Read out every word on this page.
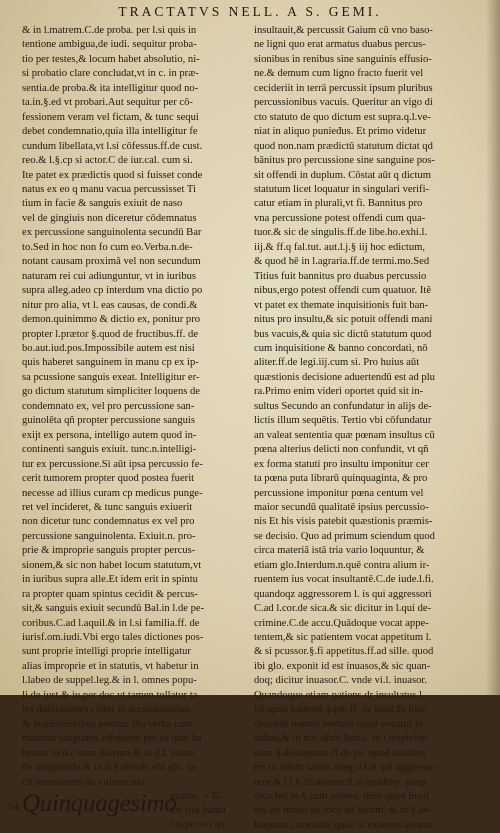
TRACTATVS NELL. A S. GEMI.
& in l.matrem.C.de proba. per l.si quis in
tentione ambigua,de iudi. sequitur proba-
tio per testes,& locum habet absolutio, ni-
si probatio clare concludat,vt in c. in præ-
sentia.de proba.& ita intelligitur quod no-
ta.in.§.ed vt probari.Aut sequitur per cō-
fessionem veram vel fictam, & tunc sequi
debet condemnatio,quia illa intelligitur fe
cundum libellata,vt l.si cōfessus.ff.de cust.
reo.& l.§.cp si actor.C de iur.cal. cum si.
Ite patet ex prædictis quod si fuisset conde
natus ex eo q manu vacua percussisset Ti
tium in facie & sanguis exiuit de naso
vel de gingiuis non diceretur cōdemnatus
ex percussione sanguinolenta secundū Bar
to.Sed in hoc non fo cum eo.Verba.n.de-
notant causam proximā vel non secundum
naturam rei cui adiunguntur, vt in iuribus
supra alleg.adeo cp interdum vna dictio po
nitur pro alia, vt l. eas causas, de condi.&
demon.quinimmo & dictio ex, ponitur pro
propter l.prætor §.quod de fructibus.ff. de
bo.aut.iud.pos.Impossibile autem est nisi
quis haberet sanguinem in manu cp ex ip-
sa pcussione sanguis exeat. Intelligitur er-
go dictum statutum simpliciter loquens de
condemnato ex, vel pro percussione san-
guinolēta qñ propter percussione sanguis
exijt ex persona, intelligo autem quod in-
continenti sanguis exiuit. tunc.n.intelligi-
tur ex percussione.Si aūt ipsa percussio fe-
cerit tumorem propter quod postea fuerit
necesse ad illius curam cp medicus punge-
ret vel incideret, & tunc sanguis exiuerit
non dicetur tunc condemnatus ex vel pro
percussione sanguinolenta. Exiuit.n. pro-
prie & improprie sanguis propter percus-
sionem,& sic non habet locum statutum,vt
in iuribus supra alle.Et idem erit in spintu
ra propter quam spintus cecidit & percus-
sit,& sanguis exiuit secundū Bal.in l.de pe-
coribus.C.ad l.aquil.& in l.si familia.ff. de
iurisf.om.iudi.Vbi ergo tales dictiones pos-
sunt proprie intelligi proprie intelligatur
alias improprie et in statutis, vt habetur in
l.labeo de suppel.leg.& in l. omnes popu-
li.de iust.& iu.per doc.vt tamen tollatur ta
les dubitationes cōiter in accusationibus
& inquisitionibus ponitur illa verba cum
maxima sanguinis effusione per ea quæ ha
bentur in d.c.cum illorum.& in d.l. vulne
ris magnitudo.& in d.§.deinde.vbi glo. fa-
cit mentionem de vulnusculo.
54 Quinquagesimo
quarto. + Ti-
tus fuit banni
tus pro eo qd
insultauit,& percussit Gaium cū vno baso-
ne ligni quo erat armatus duabus percus-
sionibus in renibus sine sanguinis effusio-
ne.& demum cum ligno fracto fuerit vel
cecideriit in terrā percussit ipsum pluribus
percussionibus vacuis. Queritur an vigo di
cto statuto de quo dictum est supra.q.l.ve-
niat in aliquo punieđus. Et primo videtur
quod non.nam prædictū statutum dictat qd
bānitus pro percussione sine sanguine pos-
sit offendi in duplum. Cōstat aūt q dictum
statutum licet loquatur in singulari verifi-
catur etiam in plurali,vt fi. Bannitus pro
vna percussione potest offendi cum qua-
tuor.& sic de singulis.ff.de libe.ho.exhi.l.
iij.& ff.q fal.tut. aut.l.j.§ iij hoc edictum,
& quod hē in l.agraria.ff.de termi.mo.Sed
Titius fuit bannitus pro duabus percussio
nibus,ergo potest offendi cum quatuor. Itē
vt patet ex themate inquisitionis fuit ban-
nitus pro insultu,& sic potuit offendi mani
bus vacuis,& quia sic dictū statutum quod
cum inquisitione & banno concordati, nō
aliter.ff.de legi.iij.cum si. Pro huius aūt
quæstionis decisione aduertendū est ad plu
ra.Primo enim videri oportet quid sit in-
sultus Secundo an confundatur in alijs de-
lictis illum sequētis. Tertio vbi cōfundatur
an valeat sententia quæ pœnam insultus cū
pœna alterius delicti non confundit, vt qñ
ex forma statuti pro insultu imponitur cer
ta pœna puta librarū quinquaginta, & pro
percussione imponitur pœna centum vel
maior secundū qualitatē ipsius percussio-
nis Et his visis patebit quæstionis præmis-
se decisio. Quo ad primum sciendum quod
circa materiā istā tria vario loquuntur, &
etiam glo.Interdum.n.quē contra alium ir-
ruentem ius vocat insultantē.C.de iude.l.fi.
quandoqz aggressorem l. is qui aggressori
C.ad l.cor.de sica.& sic dicitur in l.qui de-
crimine.C.de accu.Quādoque vocat appe-
tentem,& sic patientem vocat appetitum l.
& si pcussor.§.fi appetitus.ff.ad sille. quod
ibi glo. exponit id est inuasos,& sic quan-
doq; dicitur inuasor.C. vnde vi.l. inuasor.
Quandoque etiam patiens dr insultatus.l.
itē apud labeonē.§.pœ.ff. de iniur.Et hinc
descēdit nomen verbale quod vocatur in-
sultus,& in hoc dixit Barto. in l.respicien-
dum.§.delinquunt.ff.de pe. quod insultus
est in alium saltus alleg.d.l.is qui aggresso-
rem & l.j.§.cū arietes.ff.si quadrup. paup.
dica.fed in.§.cum arietes. dicit quod insul
tus est motio de loco ad locum, & in.§.de-
linquunt,concludit quod si existens secum
